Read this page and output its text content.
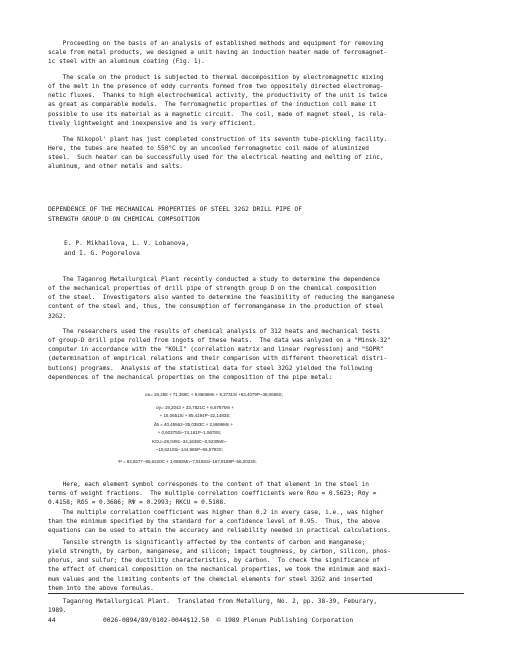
Proceeding on the basis of an analysis of established methods and equipment for removing
scale from metal products, we designed a unit having an induction heater made of ferromagnet-
ic steel with an aluminum coating (Fig. 1).
The scale on the product is subjected to thermal decomposition by electromagnetic mixing
of the melt in the presence of eddy currents formed from two oppositely directed electromag-
netic fluxes.  Thanks to high electrochemical activity, the productivity of the unit is twice
as great as comparable models.  The ferromagnetic properties of the induction coil make it
possible to use its material as a magnetic circuit.  The coil, made of magnet steel, is rela-
tively lightweight and inexpensive and is very efficient.
The Nikopol' plant has just completed construction of its seventh tube-pickling facility.
Here, the tubes are heated to 550°C by an uncooled ferromagnetic coil made of aluminized
steel.  Such heater can be successfully used for the electrical heating and melting of zinc,
aluminum, and other metals and salts.
DEPENDENCE OF THE MECHANICAL PROPERTIES OF STEEL 32G2 DRILL PIPE OF
STRENGTH GROUP D ON CHEMICAL COMPSOITION
E. P. Mikhailova, L. V. Lobanova,
and I. G. Pogorelova
The Taganrog Metallurgical Plant recently conducted a study to determine the dependence
of the mechanical properties of drill pipe of strength group D on the chemical composition
of the steel.  Investigators also wanted to determine the feasibility of reducing the manganese
content of the steel and, thus, the consumption of ferromanganese in the production of steel
32G2.
The researchers used the results of chemical analysis of 312 heats and mechanical tests
of group-D drill pipe rolled from ingots of these heats.  The data was anlyzed on a "Minsk-32"
computer in accordance with the "KOLI" (correlation matrix and linear regression) and "SOPR"
(determination of empirical relations and their comparison with different theoretical distri-
butions) programs.  Analysis of the statistical data for steel 32G2 yielded the following
dependences of the mechanical properties on the composition of the pipe metal:
σu= 28,258 + 71,368C + 9,8606Mn + 9,3731Si +93,4079P−38,0685S;
σy= 19,2043 + 33,7821C + 6,6787Mn +
+ 15,0651Si + 85,4194P−22,1483S;
δ5 = 40,45562−35,0383C + 2,8699Mn +
+ 0,60375Si−74,161P−1,5678S;
KCU=28,0491−34,1638C−0,5230Mn−
−10,6210Si−144,965P−56,5793S;
Ψ = 82,8277−65,6220C + 1,0882Mn−7,6155Si−167,8189P−56,0023S.
Here, each element symbol corresponds to the content of that element in the steel in
terms of weight fractions.  The multiple correlation coefficients were Rσu = 0.5623; Rσy =
0.4158; Rδ5 = 0.3686; RΨ = 0.2993; RKCU = 0.5108.
The multiple correlation coefficient was higher than 0.2 in every case, i.e., was higher
than the minimum specified by the standard for a confidence level of 0.95.  Thus, the above
equations can be used to attain the accuracy and reliability needed in practical calculations.
Tensile strength is significantly affected by the contents of carbon and manganese;
yield strength, by carbon, manganese, and silicon; impact toughness, by carbon, silicon, phos-
phorus, and sulfur; the ductility characteristics, by carbon.  To check the significance of
the effect of chemical composition on the mechanical properties, we took the minimum and maxi-
mum values and the limiting contents of the chemcial elements for steel 32G2 and inserted
them into the above formulas.
Taganrog Metallurgical Plant.  Translated from Metallurg, No. 2, pp. 38-39, Feburary,
1989.
44	0026-0894/89/0102-0044$12.50  © 1989 Plenum Publishing Corporation
